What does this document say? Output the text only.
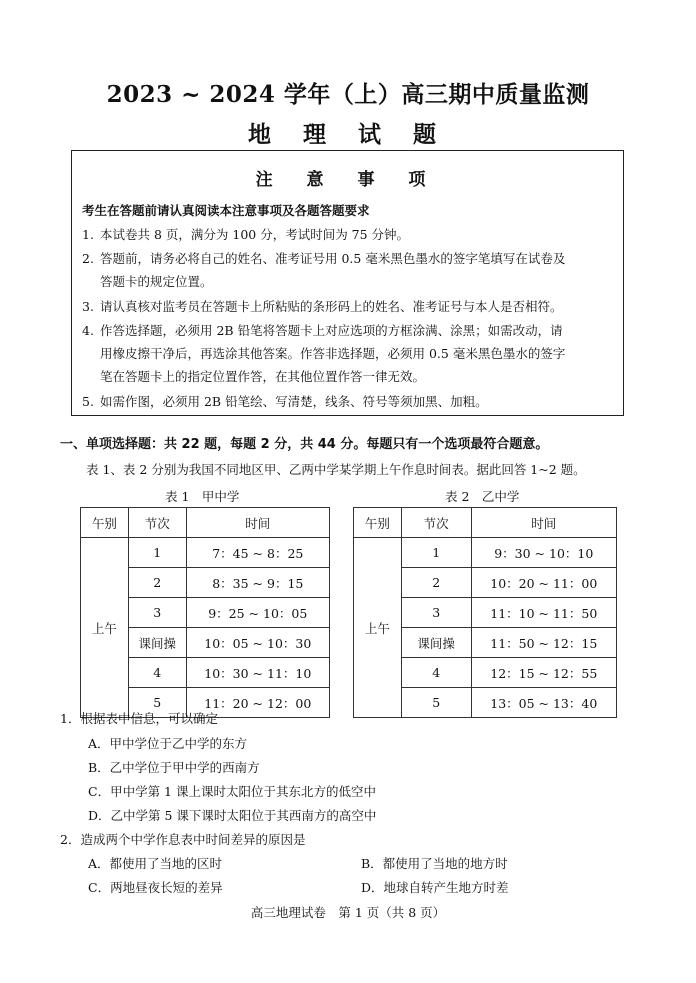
2023 ~ 2024 学年（上）高三期中质量监测
地 理 试 题
注 意 事 项
考生在答题前请认真阅读本注意事项及各题答题要求
1. 本试卷共 8 页，满分为 100 分，考试时间为 75 分钟。
2. 答题前，请务必将自己的姓名、准考证号用 0.5 毫米黑色墨水的签字笔填写在试卷及
答题卡的规定位置。
3. 请认真核对监考员在答题卡上所粘贴的条形码上的姓名、准考证号与本人是否相符。
4. 作答选择题，必须用 2B 铅笔将答题卡上对应选项的方框涂满、涂黑；如需改动，请
用橡皮擦干净后，再选涂其他答案。作答非选择题，必须用 0.5 毫米黑色墨水的签字
笔在答题卡上的指定位置作答，在其他位置作答一律无效。
5. 如需作图，必须用 2B 铅笔绘、写清楚，线条、符号等须加黑、加粗。
一、单项选择题：共 22 题，每题 2 分，共 44 分。每题只有一个选项最符合题意。
表 1、表 2 分别为我国不同地区甲、乙两中学某学期上午作息时间表。据此回答 1~2 题。
表 1　甲中学
午别	节次	时间
上午	1	7：45 ~ 8：25
	2	8：35 ~ 9：15
	3	9：25 ~ 10：05
	课间操	10：05 ~ 10：30
	4	10：30 ~ 11：10
	5	11：20 ~ 12：00
表 2　乙中学
午别	节次	时间
上午	1	9：30 ~ 10：10
	2	10：20 ~ 11：00
	3	11：10 ~ 11：50
	课间操	11：50 ~ 12：15
	4	12：15 ~ 12：55
	5	13：05 ~ 13：40
1．根据表中信息，可以确定
A．甲中学位于乙中学的东方
B．乙中学位于甲中学的西南方
C．甲中学第 1 课上课时太阳位于其东北方的低空中
D．乙中学第 5 课下课时太阳位于其西南方的高空中
2．造成两个中学作息表中时间差异的原因是
A．都使用了当地的区时	B．都使用了当地的地方时
C．两地昼夜长短的差异	D．地球自转产生地方时差
高三地理试卷　第 1 页（共 8 页）
